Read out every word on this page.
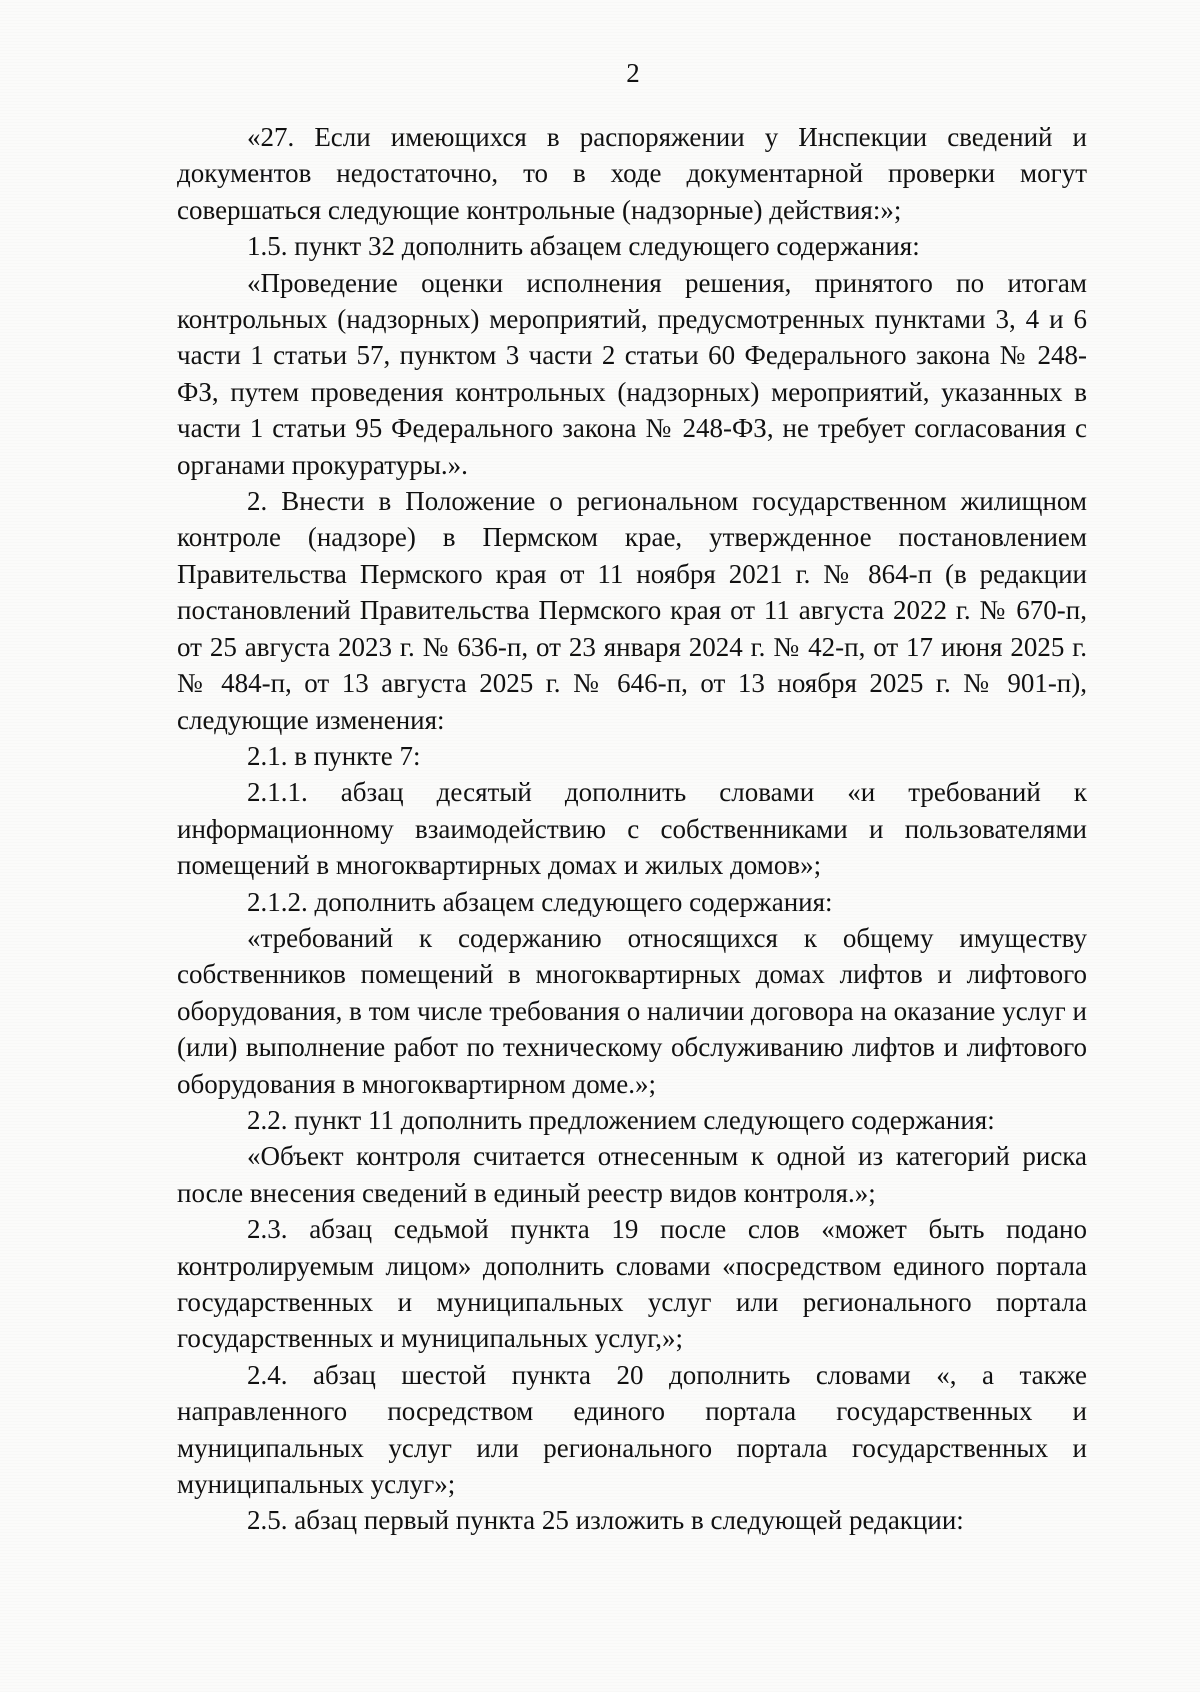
2

«27. Если имеющихся в распоряжении у Инспекции сведений и документов недостаточно, то в ходе документарной проверки могут совершаться следующие контрольные (надзорные) действия:»;

1.5. пункт 32 дополнить абзацем следующего содержания:

«Проведение оценки исполнения решения, принятого по итогам контрольных (надзорных) мероприятий, предусмотренных пунктами 3, 4 и 6 части 1 статьи 57, пунктом 3 части 2 статьи 60 Федерального закона № 248-ФЗ, путем проведения контрольных (надзорных) мероприятий, указанных в части 1 статьи 95 Федерального закона № 248-ФЗ, не требует согласования с органами прокуратуры.».

2. Внести в Положение о региональном государственном жилищном контроле (надзоре) в Пермском крае, утвержденное постановлением Правительства Пермского края от 11 ноября 2021 г. № 864-п (в редакции постановлений Правительства Пермского края от 11 августа 2022 г. № 670-п, от 25 августа 2023 г. № 636-п, от 23 января 2024 г. № 42-п, от 17 июня 2025 г. № 484-п, от 13 августа 2025 г. № 646-п, от 13 ноября 2025 г. № 901-п), следующие изменения:

2.1. в пункте 7:

2.1.1. абзац десятый дополнить словами «и требований к информационному взаимодействию с собственниками и пользователями помещений в многоквартирных домах и жилых домов»;

2.1.2. дополнить абзацем следующего содержания:

«требований к содержанию относящихся к общему имуществу собственников помещений в многоквартирных домах лифтов и лифтового оборудования, в том числе требования о наличии договора на оказание услуг и (или) выполнение работ по техническому обслуживанию лифтов и лифтового оборудования в многоквартирном доме.»;

2.2. пункт 11 дополнить предложением следующего содержания:

«Объект контроля считается отнесенным к одной из категорий риска после внесения сведений в единый реестр видов контроля.»;

2.3. абзац седьмой пункта 19 после слов «может быть подано контролируемым лицом» дополнить словами «посредством единого портала государственных и муниципальных услуг или регионального портала государственных и муниципальных услуг,»;

2.4. абзац шестой пункта 20 дополнить словами «, а также направленного посредством единого портала государственных и муниципальных услуг или регионального портала государственных и муниципальных услуг»;

2.5. абзац первый пункта 25 изложить в следующей редакции:
